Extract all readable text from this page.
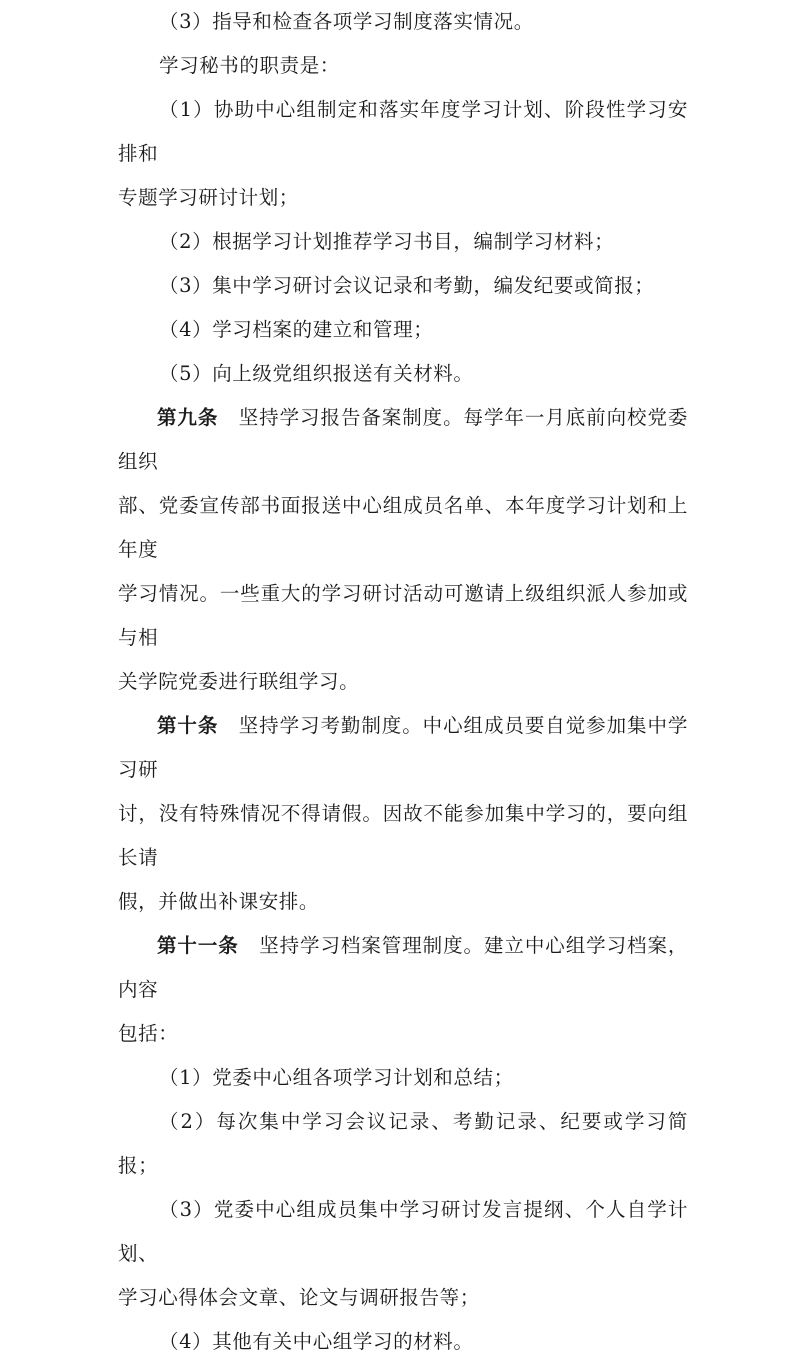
（3）指导和检查各项学习制度落实情况。

学习秘书的职责是：

（1）协助中心组制定和落实年度学习计划、阶段性学习安排和

专题学习研讨计划；

（2）根据学习计划推荐学习书目，编制学习材料；

（3）集中学习研讨会议记录和考勤，编发纪要或简报；

（4）学习档案的建立和管理；

（5）向上级党组织报送有关材料。

第九条　 坚持学习报告备案制度。每学年一月底前向校党委组织

部、党委宣传部书面报送中心组成员名单、本年度学习计划和上年度

学习情况。一些重大的学习研讨活动可邀请上级组织派人参加或与相

关学院党委进行联组学习。

第十条　 坚持学习考勤制度。中心组成员要自觉参加集中学习研

讨，没有特殊情况不得请假。因故不能参加集中学习的，要向组长请

假，并做出补课安排。

第十一条　 坚持学习档案管理制度。建立中心组学习档案，内容

包括：

（1）党委中心组各项学习计划和总结；

（2）每次集中学习会议记录、考勤记录、纪要或学习简报；

（3）党委中心组成员集中学习研讨发言提纲、个人自学计划、

学习心得体会文章、论文与调研报告等；

（4）其他有关中心组学习的材料。
